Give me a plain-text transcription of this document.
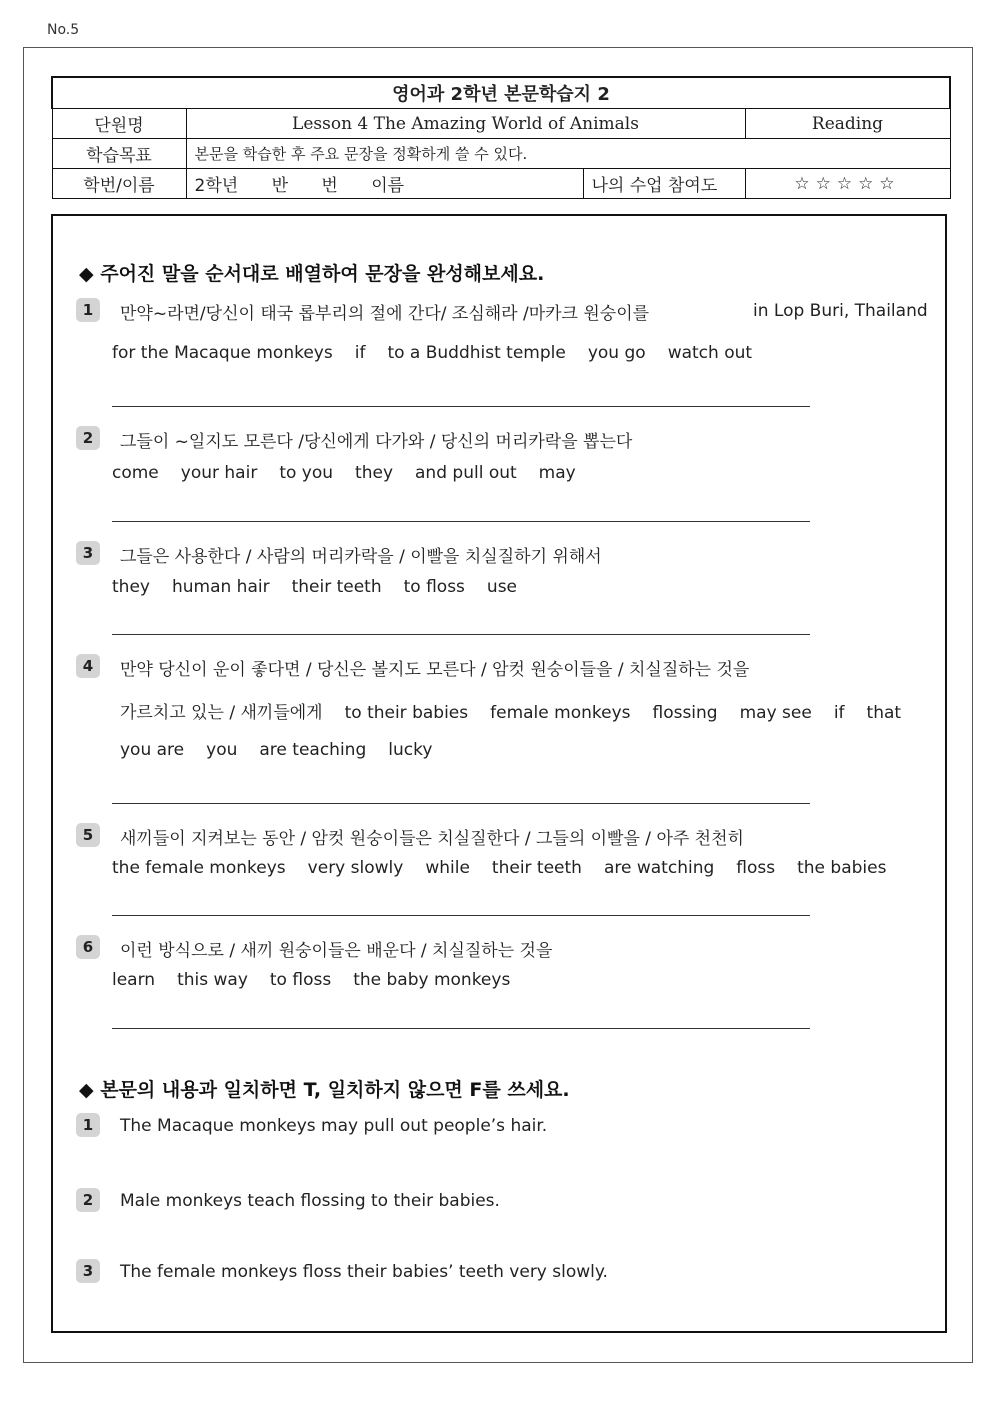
No.5
영어과 2학년 본문학습지 2			
단원명	Lesson 4 The Amazing World of Animals		Reading
학습목표	본문을 학습한 후 주요 문장을 정확하게 쓸 수 있다.		
학번/이름	2학년 반 번 이름	나의 수업 참여도	☆☆☆☆☆
◆ 주어진 말을 순서대로 배열하여 문장을 완성해보세요.
1	만약~라면/당신이 태국 롭부리의 절에 간다/ 조심해라 /마카크 원숭이를	in Lop Buri, Thailand
for the Macaque monkeys if to a Buddhist temple you go watch out
2	그들이 ~일지도 모른다 /당신에게 다가와 / 당신의 머리카락을 뽑는다
come your hair to you they and pull out may
3	그들은 사용한다 / 사람의 머리카락을 / 이빨을 치실질하기 위해서
they human hair their teeth to floss use
4	만약 당신이 운이 좋다면 / 당신은 볼지도 모른다 / 암컷 원숭이들을 / 치실질하는 것을
가르치고 있는 / 새끼들에게 to their babies female monkeys flossing may see if that
you are you are teaching lucky
5	새끼들이 지켜보는 동안 / 암컷 원숭이들은 치실질한다 / 그들의 이빨을 / 아주 천천히
the female monkeys very slowly while their teeth are watching floss the babies
6	이런 방식으로 / 새끼 원숭이들은 배운다 / 치실질하는 것을
learn this way to floss the baby monkeys
◆ 본문의 내용과 일치하면 T, 일치하지 않으면 F를 쓰세요.
1	The Macaque monkeys may pull out people’s hair.
2	Male monkeys teach flossing to their babies.
3	The female monkeys floss their babies’ teeth very slowly.
